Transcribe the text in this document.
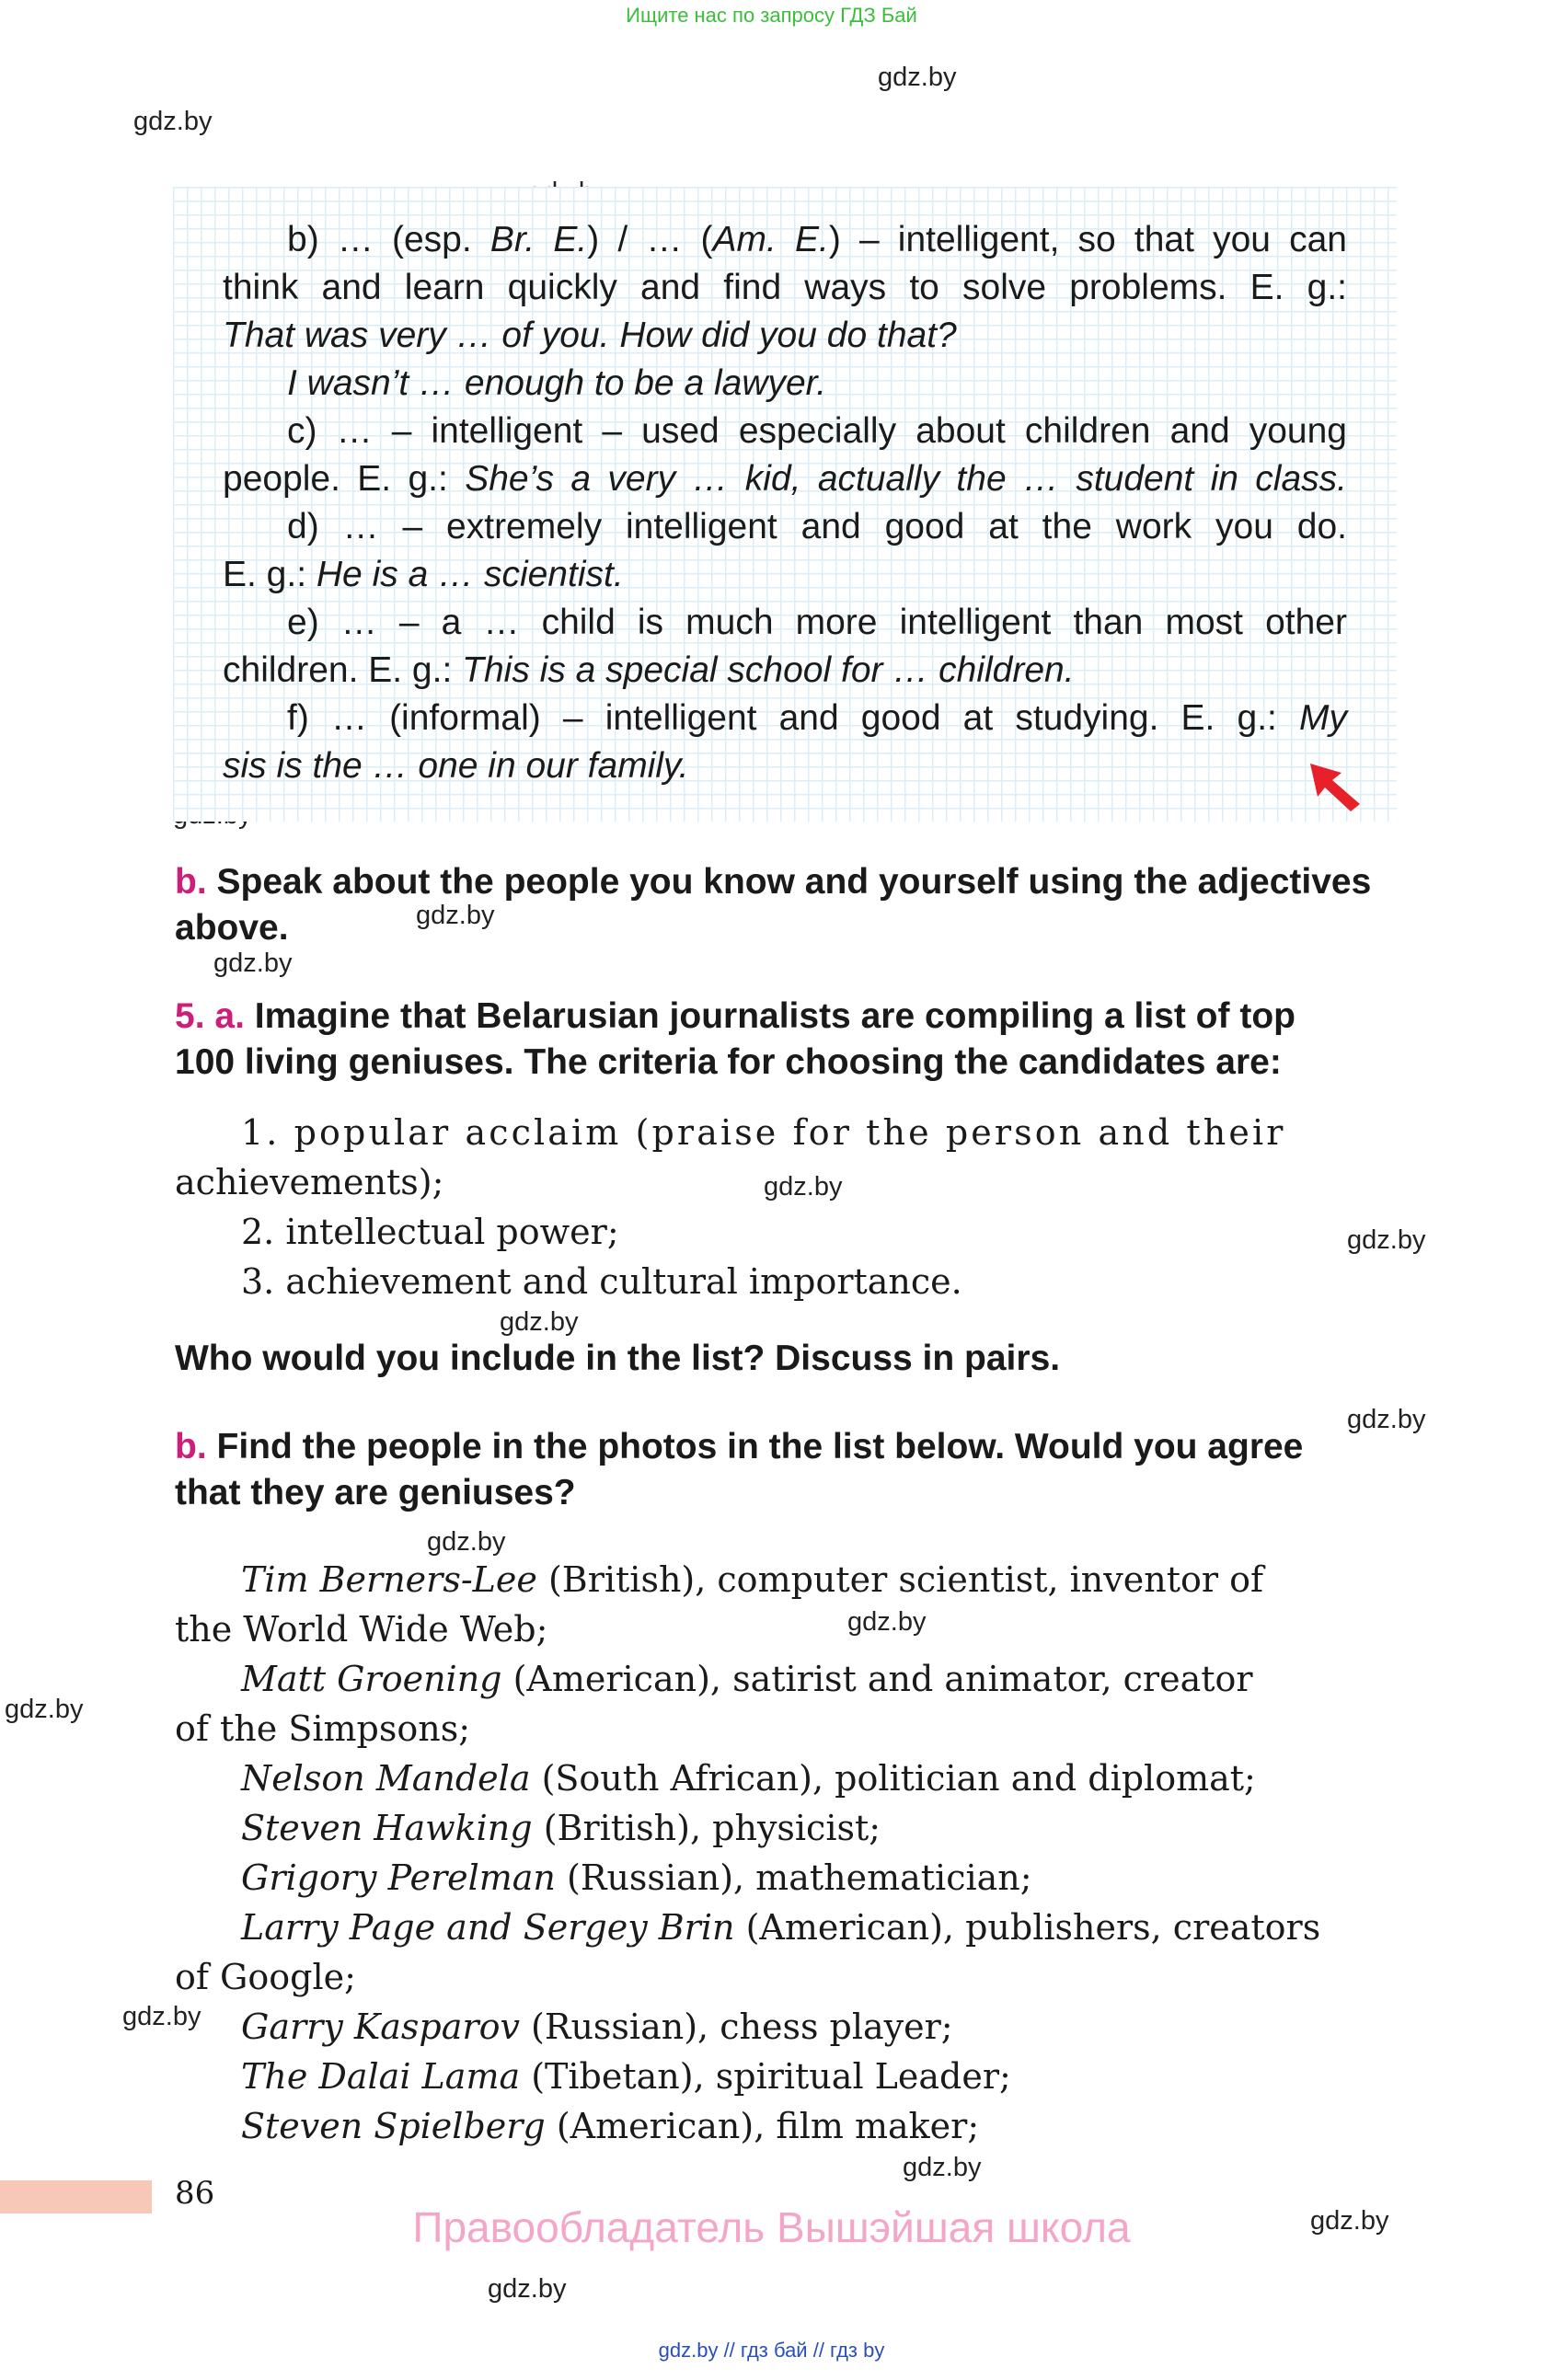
Ищите нас по запросу ГДЗ Бай
gdz.by
gdz.by
gdz.by
gdz.by
gdz.by
gdz.by
gdz.by
gdz.by
gdz.by
gdz.by
gdz.by
gdz.by
gdz.by
gdz.by
gdz.by
b) … (esp. Br. E.) / … (Am. E.) – intelligent, so that you can
think and learn quickly and find ways to solve problems. E. g.:
That was very … of you. How did you do that?
I wasn’t … enough to be a lawyer.
c) … – intelligent – used especially about children and young
people. E. g.: She’s a very … kid, actually the … student in class.
d) … – extremely intelligent and good at the work you do.
E. g.: He is a … scientist.
e) … – a … child is much more intelligent than most other
children. E. g.: This is a special school for … children.
f) … (informal) – intelligent and good at studying. E. g.: My
sis is the … one in our family.
b. Speak about the people you know and yourself using the adjectives
above.
5. a. Imagine that Belarusian journalists are compiling a list of top
100 living geniuses. The criteria for choosing the candidates are:
1. popular acclaim (praise for the person and their
achievements);
2. intellectual power;
3. achievement and cultural importance.
Who would you include in the list? Discuss in pairs.
b. Find the people in the photos in the list below. Would you agree
that they are geniuses?
Tim Berners-Lee (British), computer scientist, inventor of
the World Wide Web;
Matt Groening (American), satirist and animator, creator
of the Simpsons;
Nelson Mandela (South African), politician and diplomat;
Steven Hawking (British), physicist;
Grigory Perelman (Russian), mathematician;
Larry Page and Sergey Brin (American), publishers, creators
of Google;
Garry Kasparov (Russian), chess player;
The Dalai Lama (Tibetan), spiritual Leader;
Steven Spielberg (American), film maker;
86
Правообладатель Вышэйшая школа
gdz.by // гдз бай // гдз by
